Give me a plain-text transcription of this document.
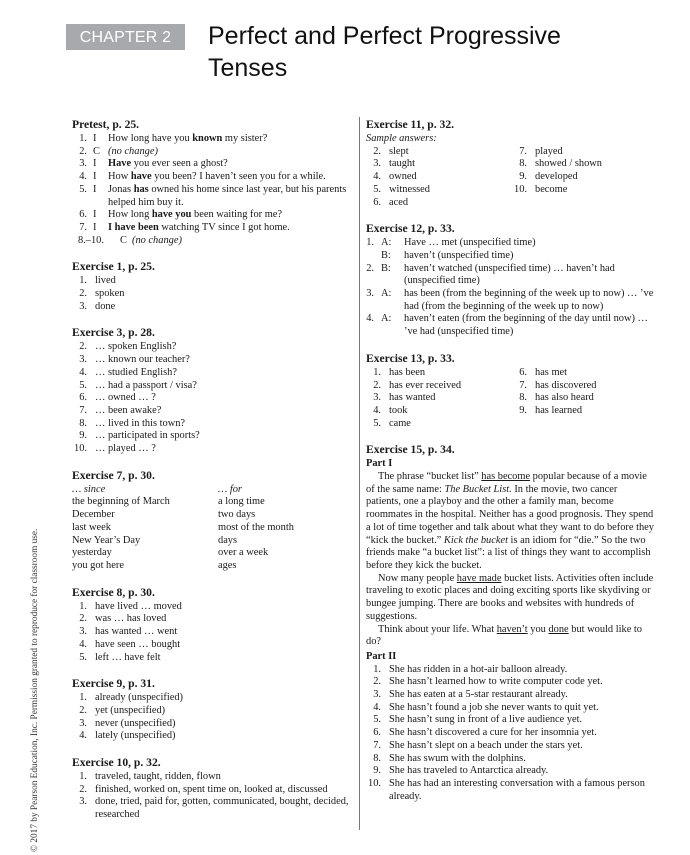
CHAPTER 2	Perfect and Perfect Progressive
Tenses
© 2017 by Pearson Education, Inc. Permission granted to reproduce for classroom use.
Pretest, p. 25.
1. I How long have you known my sister?
2. C (no change)
3. I Have you ever seen a ghost?
4. I How have you been? I haven’t seen you for a while.
5. I Jonas has owned his home since last year, but his parents helped him buy it.
6. I How long have you been waiting for me?
7. I I have been watching TV since I got home.
8.–10. C (no change)
Exercise 1, p. 25.
1. lived
2. spoken
3. done
Exercise 3, p. 28.
2. … spoken English?
3. … known our teacher?
4. … studied English?
5. … had a passport / visa?
6. … owned … ?
7. … been awake?
8. … lived in this town?
9. … participated in sports?
10. … played … ?
Exercise 7, p. 30.
… since
the beginning of March
December
last week
New Year’s Day
yesterday
you got here
… for
a long time
two days
most of the month
days
over a week
ages
Exercise 8, p. 30.
1. have lived … moved
2. was … has loved
3. has wanted … went
4. have seen … bought
5. left … have felt
Exercise 9, p. 31.
1. already (unspecified)
2. yet (unspecified)
3. never (unspecified)
4. lately (unspecified)
Exercise 10, p. 32.
1. traveled, taught, ridden, flown
2. finished, worked on, spent time on, looked at, discussed
3. done, tried, paid for, gotten, communicated, bought, decided, researched
Exercise 11, p. 32.
Sample answers:
2. slept
3. taught
4. owned
5. witnessed
6. aced
7. played
8. showed / shown
9. developed
10. become
Exercise 12, p. 33.
1. A: Have … met (unspecified time)
B: haven’t (unspecified time)
2. B: haven’t watched (unspecified time) … haven’t had (unspecified time)
3. A: has been (from the beginning of the week up to now) … ’ve had (from the beginning of the week up to now)
4. A: haven’t eaten (from the beginning of the day until now) … ’ve had (unspecified time)
Exercise 13, p. 33.
1. has been
2. has ever received
3. has wanted
4. took
5. came
6. has met
7. has discovered
8. has also heard
9. has learned
Exercise 15, p. 34.
Part I
The phrase “bucket list” has become popular because of a movie of the same name: The Bucket List. In the movie, two cancer patients, one a playboy and the other a family man, become roommates in the hospital. Neither has a good prognosis. They spend a lot of time together and talk about what they want to do before they “kick the bucket.” Kick the bucket is an idiom for “die.” So the two friends make “a bucket list”: a list of things they want to accomplish before they kick the bucket.
Now many people have made bucket lists. Activities often include traveling to exotic places and doing exciting sports like skydiving or bungee jumping. There are books and websites with hundreds of suggestions.
Think about your life. What haven’t you done but would like to do?
Part II
1. She has ridden in a hot-air balloon already.
2. She hasn’t learned how to write computer code yet.
3. She has eaten at a 5-star restaurant already.
4. She hasn’t found a job she never wants to quit yet.
5. She hasn’t sung in front of a live audience yet.
6. She hasn’t discovered a cure for her insomnia yet.
7. She hasn’t slept on a beach under the stars yet.
8. She has swum with the dolphins.
9. She has traveled to Antarctica already.
10. She has had an interesting conversation with a famous person already.
